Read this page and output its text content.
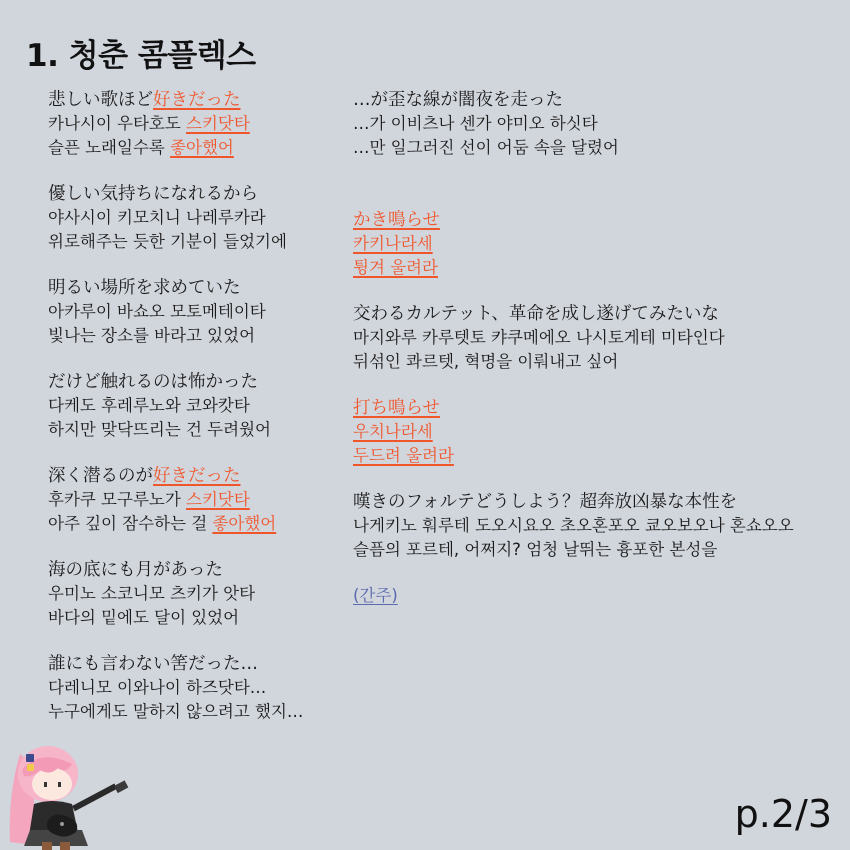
1. 청춘 콤플렉스
悲しい歌ほど好きだった
카나시이 우타호도 스키닷타
슬픈 노래일수록 좋아했어
優しい気持ちになれるから
야사시이 키모치니 나레루카라
위로해주는 듯한 기분이 들었기에
明るい場所を求めていた
아카루이 바쇼오 모토메테이타
빛나는 장소를 바라고 있었어
だけど触れるのは怖かった
다케도 후레루노와 코와캇타
하지만 맞닥뜨리는 건 두려웠어
深く潜るのが好きだった
후카쿠 모구루노가 스키닷타
아주 깊이 잠수하는 걸 좋아했어
海の底にも月があった
우미노 소코니모 츠키가 앗타
바다의 밑에도 달이 있었어
誰にも言わない筈だった…
다레니모 이와나이 하즈닷타…
누구에게도 말하지 않으려고 했지…
…が歪な線が闇夜を走った
…가 이비츠나 센가 야미오 하싯타
…만 일그러진 선이 어둠 속을 달렸어
かき鳴らせ
카키나라세
튕겨 울려라
交わるカルテット、革命を成し遂げてみたいな
마지와루 카루텟토 캬쿠메에오 나시토게테 미타인다
뒤섞인 콰르텟, 혁명을 이뤄내고 싶어
打ち鳴らせ
우치나라세
두드려 울려라
嘆きのフォルテどうしよう？超奔放凶暴な本性を
나게키노 훠루테 도오시요오 초오혼포오 쿄오보오나 혼쇼오오
슬픔의 포르테, 어쩌지? 엄청 날뛰는 흉포한 본성을
(간주)
p.2/3
